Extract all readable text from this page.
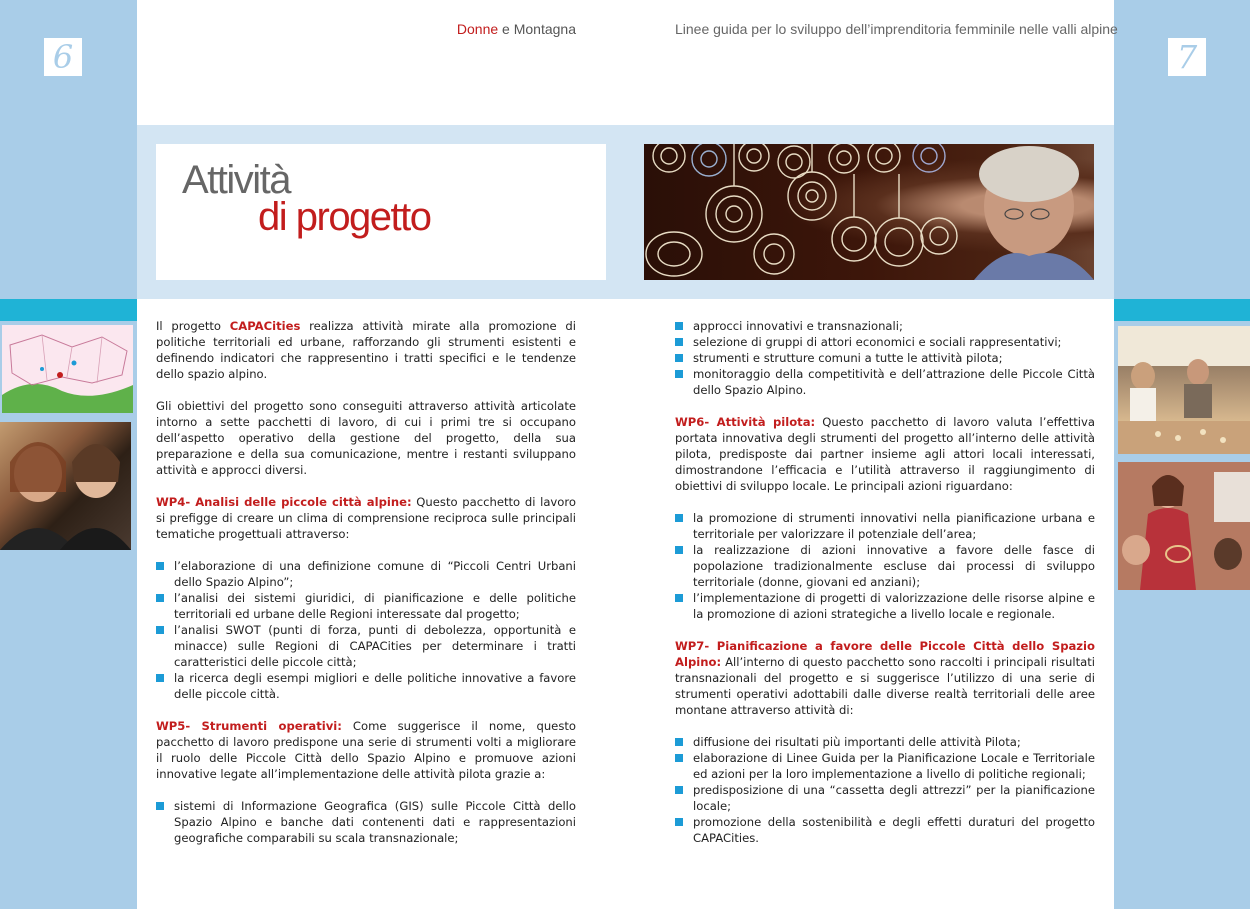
6	7
Donne e Montagna	Linee guida per lo sviluppo dell’imprenditoria femminile nelle valli alpine
Attività
di progetto

Il progetto CAPACities realizza attività mirate alla promozione di politiche territoriali ed urbane, rafforzando gli strumenti esistenti e definendo indicatori che rappresentino i tratti specifici e le tendenze dello spazio alpino.

Gli obiettivi del progetto sono conseguiti attraverso attività articolate intorno a sette pacchetti di lavoro, di cui i primi tre si occupano dell’aspetto operativo della gestione del progetto, della sua preparazione e della sua comunicazione, mentre i restanti sviluppano attività e approcci diversi.

WP4- Analisi delle piccole città alpine: Questo pacchetto di lavoro si prefigge di creare un clima di comprensione reciproca sulle principali tematiche progettuali attraverso:

l’elaborazione di una definizione comune di “Piccoli Centri Urbani dello Spazio Alpino”;
l’analisi dei sistemi giuridici, di pianificazione e delle politiche territoriali ed urbane delle Regioni interessate dal progetto;
l’analisi SWOT (punti di forza, punti di debolezza, opportunità e minacce) sulle Regioni di CAPACities per determinare i tratti caratteristici delle piccole città;
la ricerca degli esempi migliori e delle politiche innovative a favore delle piccole città.

WP5- Strumenti operativi: Come suggerisce il nome, questo pacchetto di lavoro predispone una serie di strumenti volti a migliorare il ruolo delle Piccole Città dello Spazio Alpino e promuove azioni innovative legate all’implementazione delle attività pilota grazie a:

sistemi di Informazione Geografica (GIS) sulle Piccole Città dello Spazio Alpino e banche dati contenenti dati e rappresentazioni geografiche comparabili su scala transnazionale;
approcci innovativi e transnazionali;
selezione di gruppi di attori economici e sociali rappresentativi;
strumenti e strutture comuni a tutte le attività pilota;
monitoraggio della competitività e dell’attrazione delle Piccole Città dello Spazio Alpino.

WP6- Attività pilota: Questo pacchetto di lavoro valuta l’effettiva portata innovativa degli strumenti del progetto all’interno delle attività pilota, predisposte dai partner insieme agli attori locali interessati, dimostrandone l’efficacia e l’utilità attraverso il raggiungimento di obiettivi di sviluppo locale. Le principali azioni riguardano:

la promozione di strumenti innovativi nella pianificazione urbana e territoriale per valorizzare il potenziale dell’area;
la realizzazione di azioni innovative a favore delle fasce di popolazione tradizionalmente escluse dai processi di sviluppo territoriale (donne, giovani ed anziani);
l’implementazione di progetti di valorizzazione delle risorse alpine e la promozione di azioni strategiche a livello locale e regionale.

WP7- Pianificazione a favore delle Piccole Città dello Spazio Alpino: All’interno di questo pacchetto sono raccolti i principali risultati transnazionali del progetto e si suggerisce l’utilizzo di una serie di strumenti operativi adottabili dalle diverse realtà territoriali delle aree montane attraverso attività di:

diffusione dei risultati più importanti delle attività Pilota;
elaborazione di Linee Guida per la Pianificazione Locale e Territoriale ed azioni per la loro implementazione a livello di politiche regionali;
predisposizione di una “cassetta degli attrezzi” per la pianificazione locale;
promozione della sostenibilità e degli effetti duraturi del progetto CAPACities.
